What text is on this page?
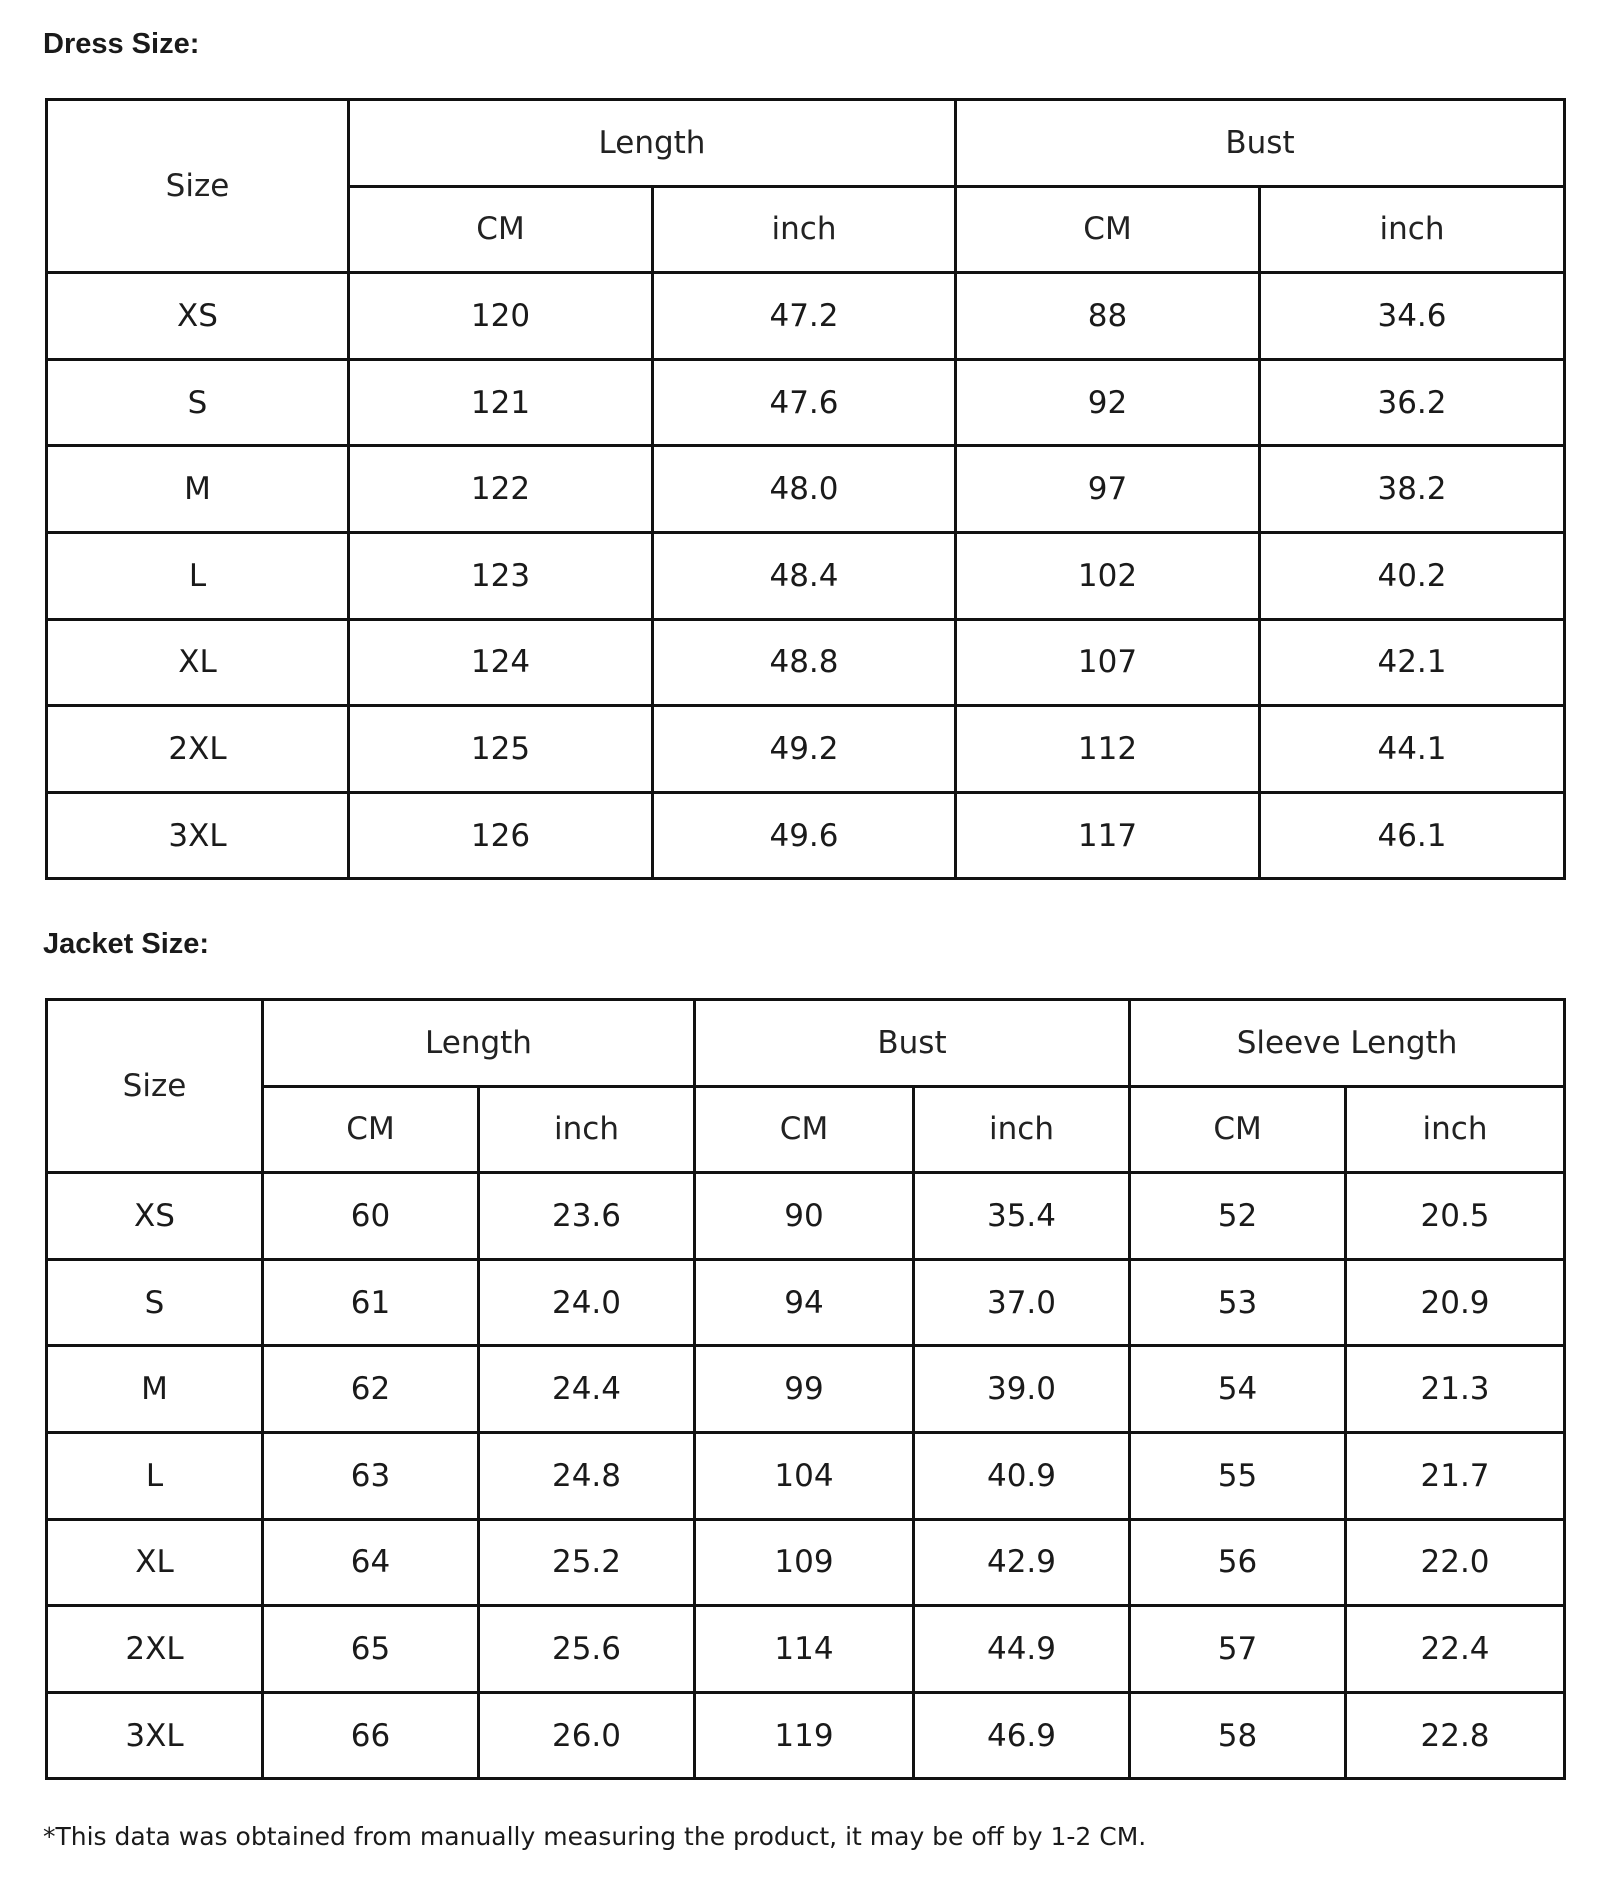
Dress Size:
Size	Length		Bust	
	CM	inch	CM	inch
XS	120	47.2	88	34.6
S	121	47.6	92	36.2
M	122	48.0	97	38.2
L	123	48.4	102	40.2
XL	124	48.8	107	42.1
2XL	125	49.2	112	44.1
3XL	126	49.6	117	46.1
Jacket Size:
Size	Length		Bust		Sleeve Length	
	CM	inch	CM	inch	CM	inch
XS	60	23.6	90	35.4	52	20.5
S	61	24.0	94	37.0	53	20.9
M	62	24.4	99	39.0	54	21.3
L	63	24.8	104	40.9	55	21.7
XL	64	25.2	109	42.9	56	22.0
2XL	65	25.6	114	44.9	57	22.4
3XL	66	26.0	119	46.9	58	22.8

*This data was obtained from manually measuring the product, it may be off by 1-2 CM.
